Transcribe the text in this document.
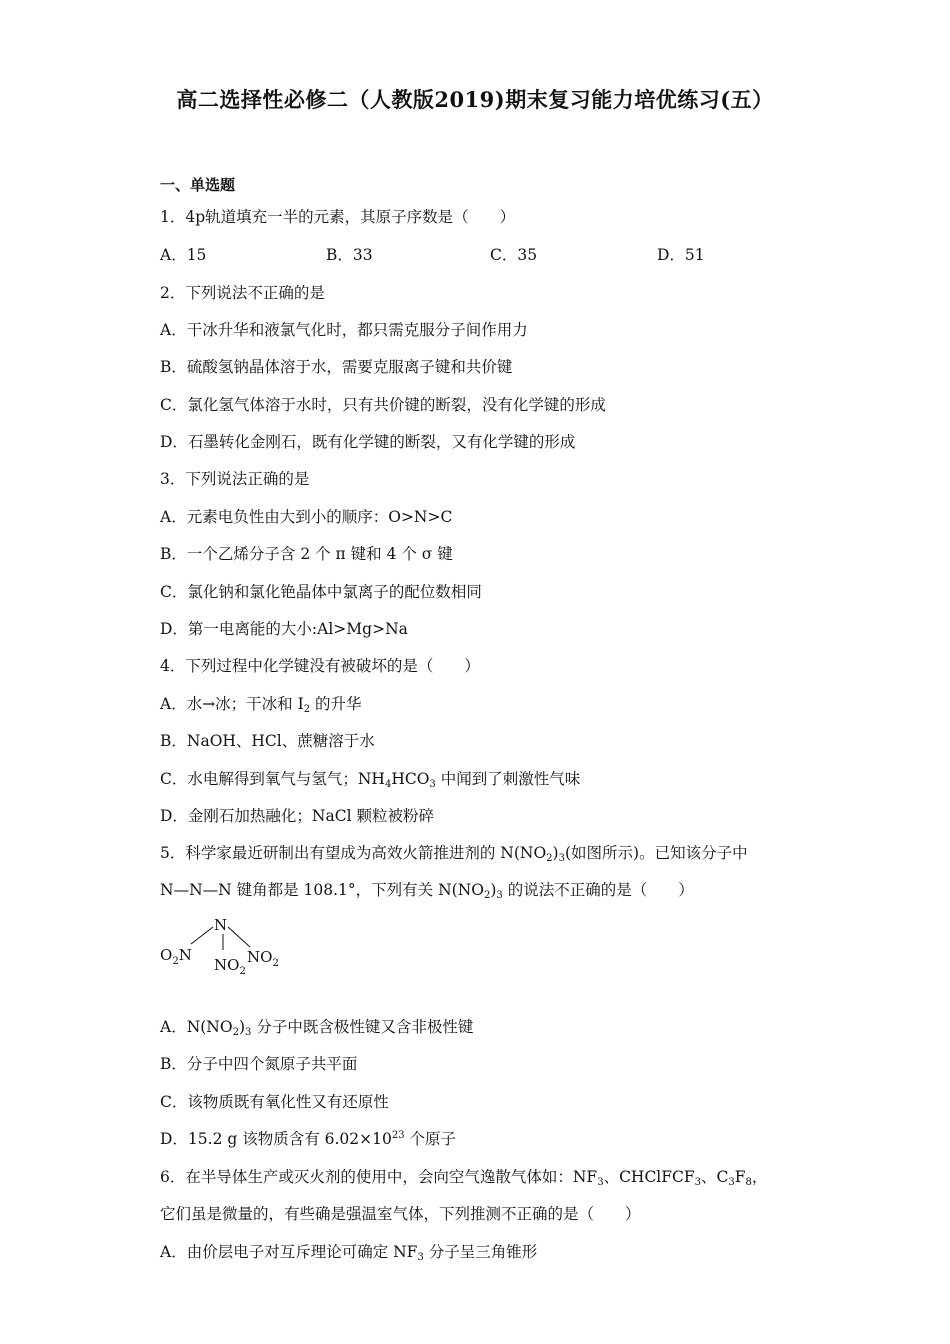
高二选择性必修二（人教版2019)期末复习能力培优练习(五）
一、单选题
1．4p轨道填充一半的元素，其原子序数是（　　）
A．15	B．33	C．35	D．51
2．下列说法不正确的是
A．干冰升华和液氯气化时，都只需克服分子间作用力
B．硫酸氢钠晶体溶于水，需要克服离子键和共价键
C．氯化氢气体溶于水时，只有共价键的断裂，没有化学键的形成
D．石墨转化金刚石，既有化学键的断裂，又有化学键的形成
3．下列说法正确的是
A．元素电负性由大到小的顺序：O>N>C
B．一个乙烯分子含 2 个 π 键和 4 个 σ 键
C．氯化钠和氯化铯晶体中氯离子的配位数相同
D．第一电离能的大小:Al>Mg>Na
4．下列过程中化学键没有被破坏的是（　　）
A．水→冰；干冰和 $I_2$ 的升华
B．NaOH、HCl、蔗糖溶于水
C．水电解得到氧气与氢气；$NH_4HCO_3$ 中闻到了刺激性气味
D．金刚石加热融化；NaCl 颗粒被粉碎
5．科学家最近研制出有望成为高效火箭推进剂的 $N(NO_2)_3$(如图所示)。已知该分子中
N—N—N 键角都是 108.1°，下列有关 $N(NO_2)_3$ 的说法不正确的是（　　）
N
$O_2N$
$NO_2$
$NO_2$
A．$N(NO_2)_3$ 分子中既含极性键又含非极性键
B．分子中四个氮原子共平面
C．该物质既有氧化性又有还原性
D．15.2 g 该物质含有 $6.02\times 10^{23}$ 个原子
6．在半导体生产或灭火剂的使用中，会向空气逸散气体如：$NF_3$、CHClFCF$_3$、$C_3F_8$，
它们虽是微量的，有些确是强温室气体，下列推测不正确的是（　　）
A．由价层电子对互斥理论可确定 $NF_3$ 分子呈三角锥形
